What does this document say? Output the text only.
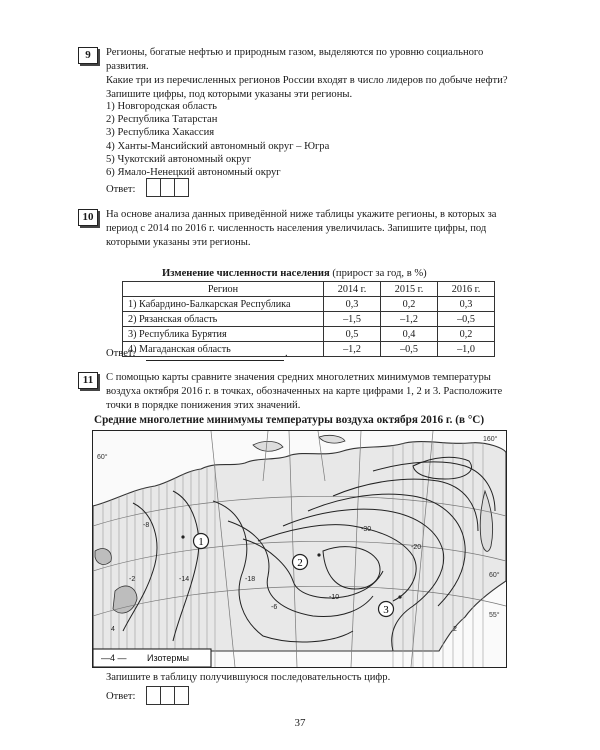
9	Регионы, богатые нефтью и природным газом, выделяются по уровню социального развития.

Какие три из перечисленных регионов России входят в число лидеров по добыче нефти? Запишите цифры, под которыми указаны эти регионы.

1) Новгородская область
2) Республика Татарстан
3) Республика Хакассия
4) Ханты-Мансийский автономный округ – Югра
5) Чукотский автономный округ
6) Ямало-Ненецкий автономный округ
Ответ:
10	На основе анализа данных приведённой ниже таблицы укажите регионы, в которых за период с 2014 по 2016 г. численность населения увеличилась. Запишите цифры, под которыми указаны эти регионы.
Изменение численности населения (прирост за год, в %)
Регион	2014 г.	2015 г.	2016 г.
1) Кабардино-Балкарская Республика	0,3	0,2	0,3
2) Рязанская область	–1,5	–1,2	–0,5
3) Республика Бурятия	0,5	0,4	0,2
4) Магаданская область	–1,2	–0,5	–1,0
Ответ:	.
11	С помощью карты сравните значения средних многолетних минимумов температуры воздуха октября 2016 г. в точках, обозначенных на карте цифрами 1, 2 и 3. Расположите точки в порядке понижения этих значений.
Средние многолетние минимумы температуры воздуха октября 2016 г. (в °С)
1
2
3
-8
-14	-18
-30
-20
-10
-6
-2
4	2
55°
60°
60°
160°
—4 — Изотермы
Запишите в таблицу получившуюся последовательность цифр.
Ответ:
37
